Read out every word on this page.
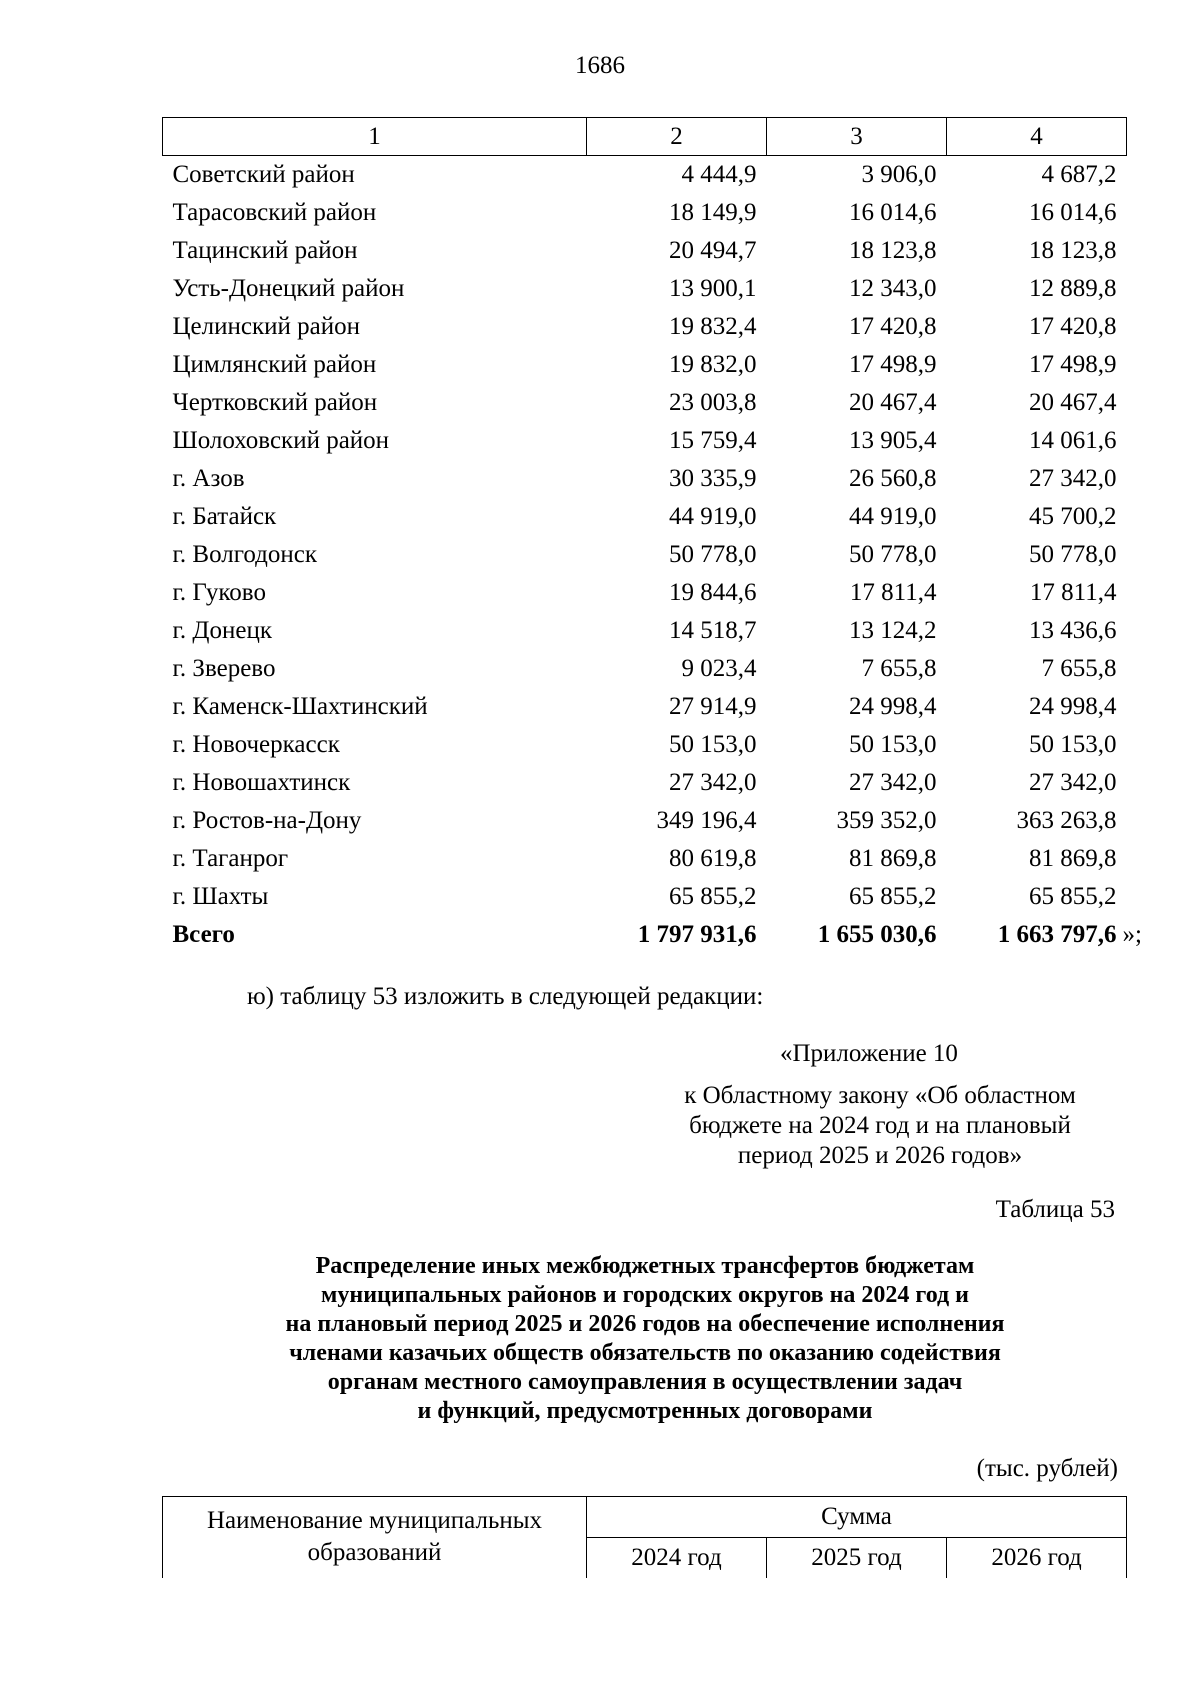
1686
1	2	3	4
Советский район	4 444,9	3 906,0	4 687,2
Тарасовский район	18 149,9	16 014,6	16 014,6
Тацинский район	20 494,7	18 123,8	18 123,8
Усть-Донецкий район	13 900,1	12 343,0	12 889,8
Целинский район	19 832,4	17 420,8	17 420,8
Цимлянский район	19 832,0	17 498,9	17 498,9
Чертковский район	23 003,8	20 467,4	20 467,4
Шолоховский район	15 759,4	13 905,4	14 061,6
г. Азов	30 335,9	26 560,8	27 342,0
г. Батайск	44 919,0	44 919,0	45 700,2
г. Волгодонск	50 778,0	50 778,0	50 778,0
г. Гуково	19 844,6	17 811,4	17 811,4
г. Донецк	14 518,7	13 124,2	13 436,6
г. Зверево	9 023,4	7 655,8	7 655,8
г. Каменск-Шахтинский	27 914,9	24 998,4	24 998,4
г. Новочеркасск	50 153,0	50 153,0	50 153,0
г. Новошахтинск	27 342,0	27 342,0	27 342,0
г. Ростов-на-Дону	349 196,4	359 352,0	363 263,8
г. Таганрог	80 619,8	81 869,8	81 869,8
г. Шахты	65 855,2	65 855,2	65 855,2
Всего	1 797 931,6	1 655 030,6	1 663 797,6 »;
ю) таблицу 53 изложить в следующей редакции:
«Приложение 10
к Областному закону «Об областном
бюджете на 2024 год и на плановый
период 2025 и 2026 годов»
Таблица 53
Распределение иных межбюджетных трансфертов бюджетам
муниципальных районов и городских округов на 2024 год и
на плановый период 2025 и 2026 годов на обеспечение исполнения
членами казачьих обществ обязательств по оказанию содействия
органам местного самоуправления в осуществлении задач
и функций, предусмотренных договорами
(тыс. рублей)
Наименование муниципальных
образований	Сумма		
	2024 год	2025 год	2026 год
